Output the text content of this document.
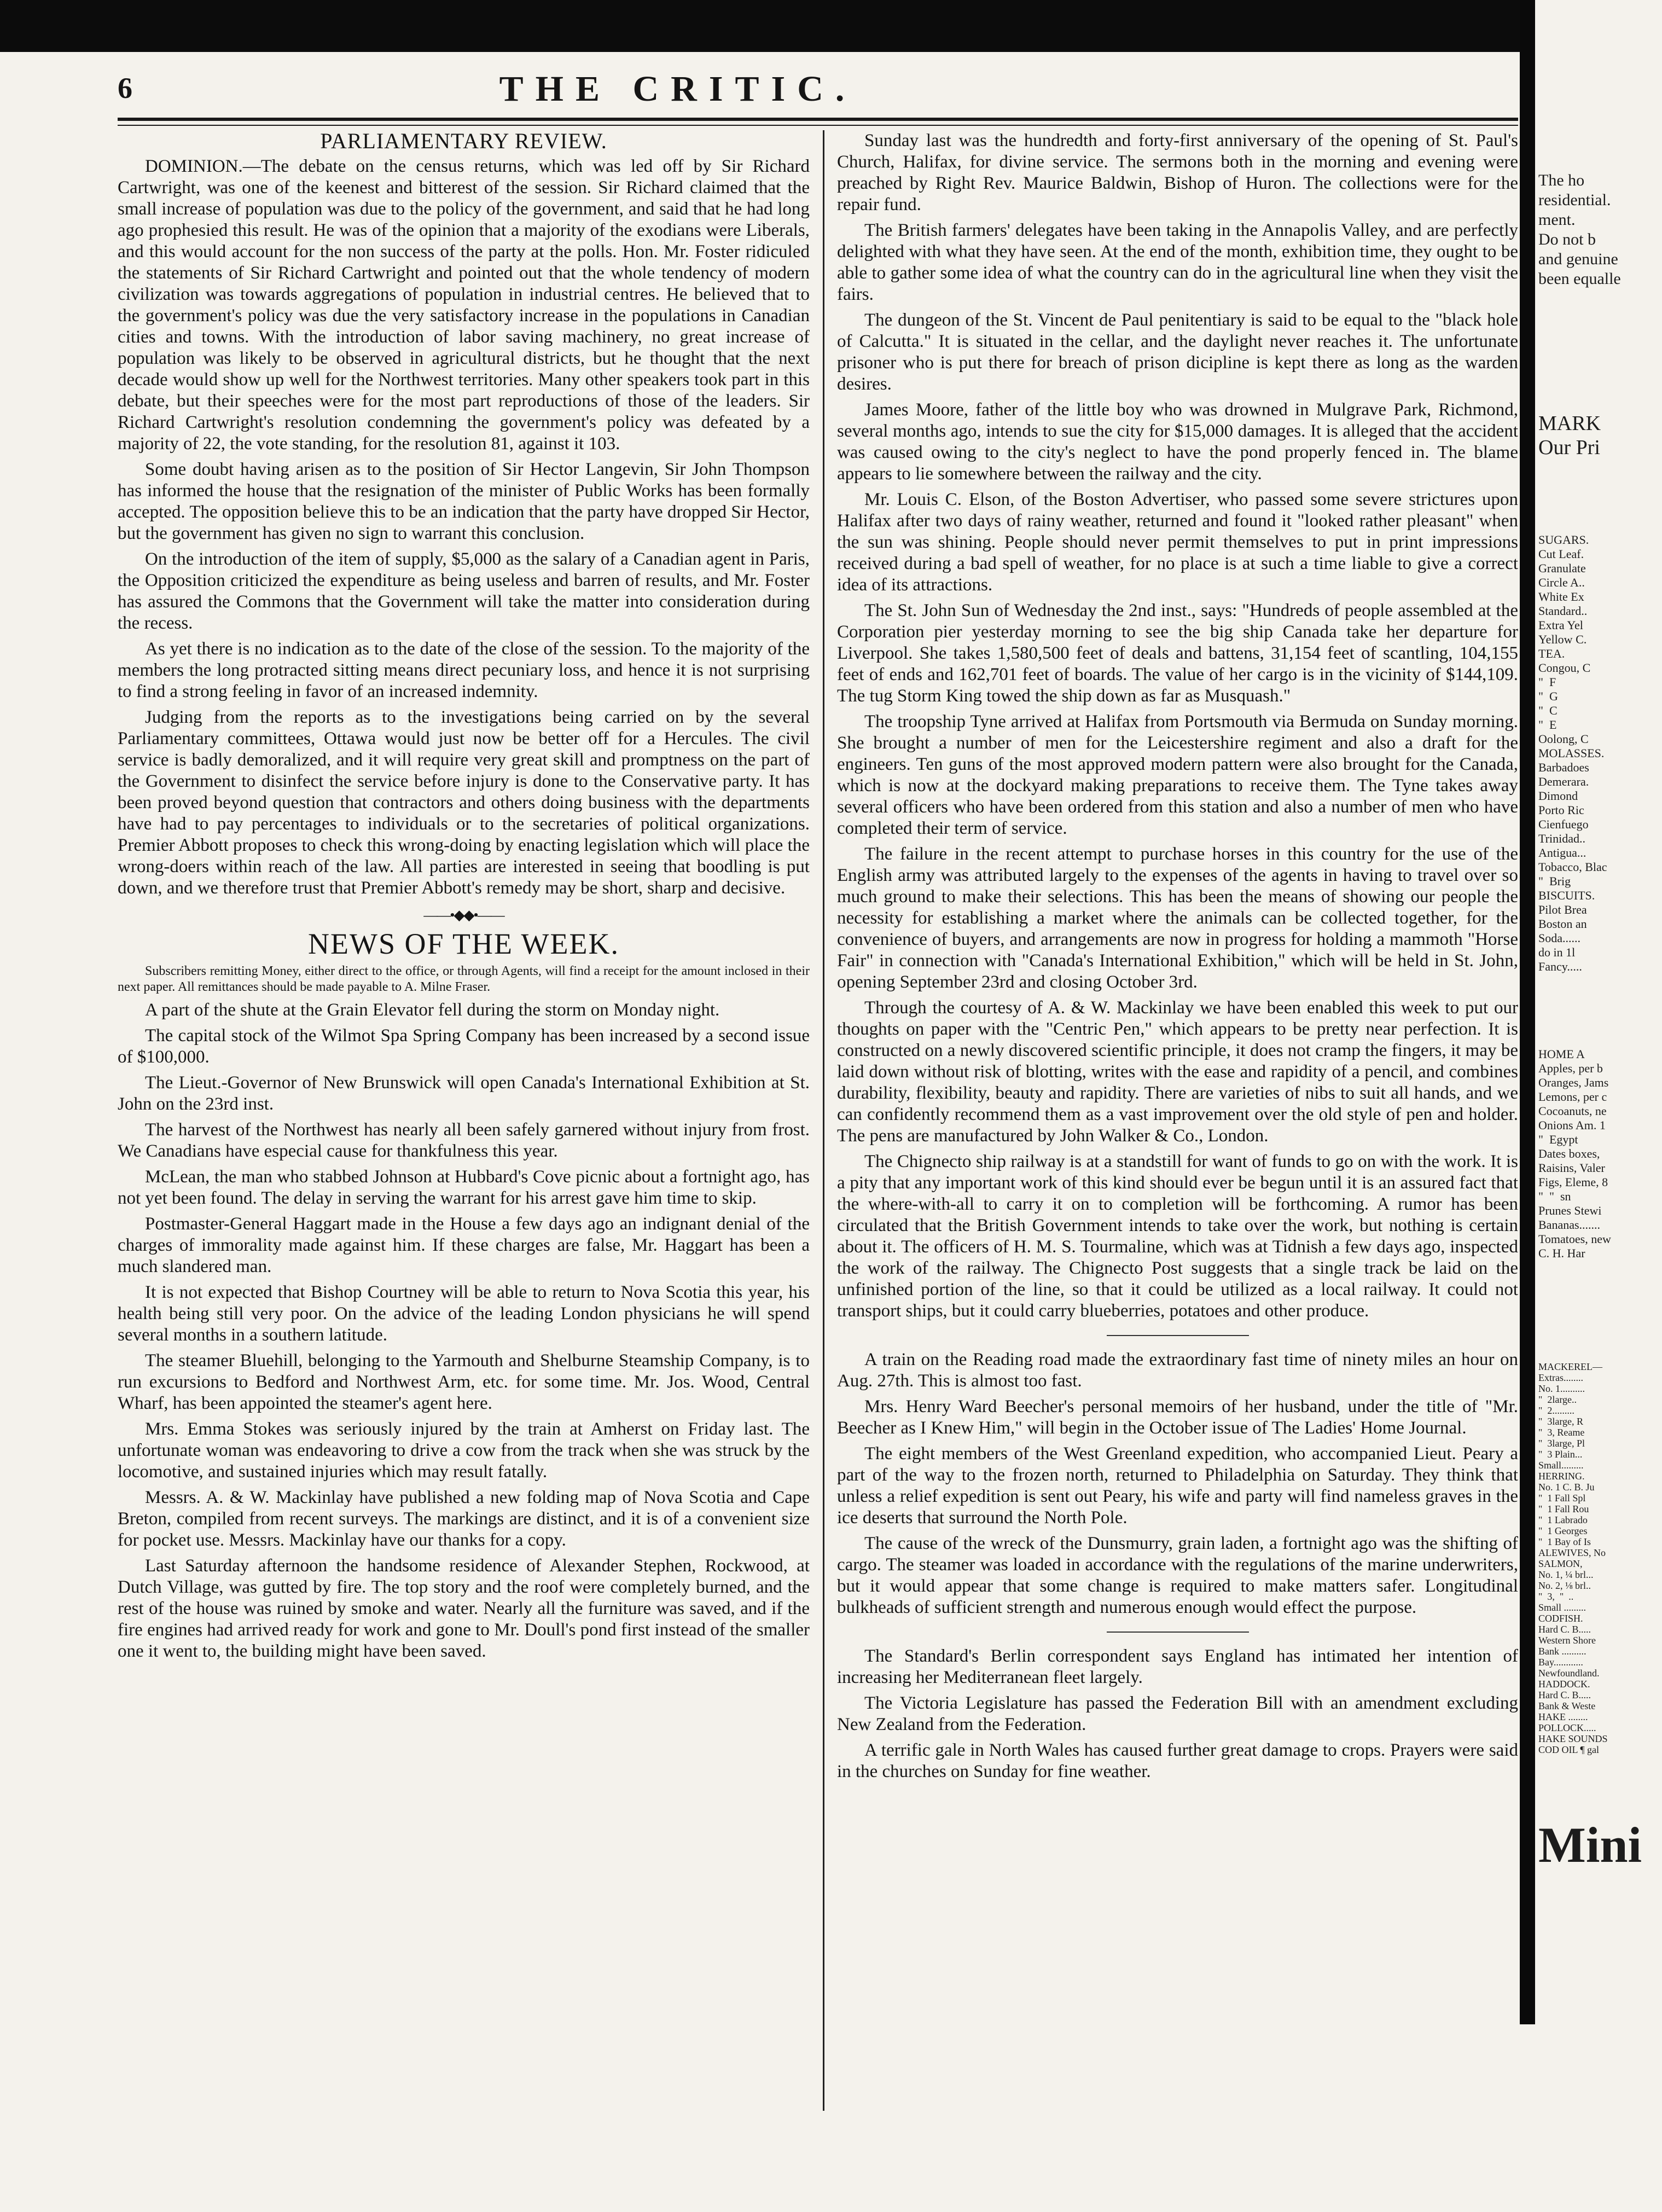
6	THE CRITIC.
PARLIAMENTARY REVIEW.

DOMINION.—The debate on the census returns, which was led off by Sir Richard Cartwright, was one of the keenest and bitterest of the session. Sir Richard claimed that the small increase of population was due to the policy of the government, and said that he had long ago prophesied this result. He was of the opinion that a majority of the exodians were Liberals, and this would account for the non success of the party at the polls. Hon. Mr. Foster ridiculed the statements of Sir Richard Cartwright and pointed out that the whole tendency of modern civilization was towards aggregations of population in industrial centres. He believed that to the government's policy was due the very satisfactory increase in the populations in Canadian cities and towns. With the introduction of labor saving machinery, no great increase of population was likely to be observed in agricultural districts, but he thought that the next decade would show up well for the Northwest territories. Many other speakers took part in this debate, but their speeches were for the most part reproductions of those of the leaders. Sir Richard Cartwright's resolution condemning the government's policy was defeated by a majority of 22, the vote standing, for the resolution 81, against it 103.

Some doubt having arisen as to the position of Sir Hector Langevin, Sir John Thompson has informed the house that the resignation of the minister of Public Works has been formally accepted. The opposition believe this to be an indication that the party have dropped Sir Hector, but the government has given no sign to warrant this conclusion.

On the introduction of the item of supply, $5,000 as the salary of a Canadian agent in Paris, the Opposition criticized the expenditure as being useless and barren of results, and Mr. Foster has assured the Commons that the Government will take the matter into consideration during the recess.

As yet there is no indication as to the date of the close of the session. To the majority of the members the long protracted sitting means direct pecuniary loss, and hence it is not surprising to find a strong feeling in favor of an increased indemnity.

Judging from the reports as to the investigations being carried on by the several Parliamentary committees, Ottawa would just now be better off for a Hercules. The civil service is badly demoralized, and it will require very great skill and promptness on the part of the Government to disinfect the service before injury is done to the Conservative party. It has been proved beyond question that contractors and others doing business with the departments have had to pay percentages to individuals or to the secretaries of political organizations. Premier Abbott proposes to check this wrong-doing by enacting legislation which will place the wrong-doers within reach of the law. All parties are interested in seeing that boodling is put down, and we therefore trust that Premier Abbott's remedy may be short, sharp and decisive.

——•◆◆•——
NEWS OF THE WEEK.

Subscribers remitting Money, either direct to the office, or through Agents, will find a receipt for the amount inclosed in their next paper. All remittances should be made payable to A. Milne Fraser.

A part of the shute at the Grain Elevator fell during the storm on Monday night.

The capital stock of the Wilmot Spa Spring Company has been increased by a second issue of $100,000.

The Lieut.-Governor of New Brunswick will open Canada's International Exhibition at St. John on the 23rd inst.

The harvest of the Northwest has nearly all been safely garnered without injury from frost. We Canadians have especial cause for thankfulness this year.

McLean, the man who stabbed Johnson at Hubbard's Cove picnic about a fortnight ago, has not yet been found. The delay in serving the warrant for his arrest gave him time to skip.

Postmaster-General Haggart made in the House a few days ago an indignant denial of the charges of immorality made against him. If these charges are false, Mr. Haggart has been a much slandered man.

It is not expected that Bishop Courtney will be able to return to Nova Scotia this year, his health being still very poor. On the advice of the leading London physicians he will spend several months in a southern latitude.

The steamer Bluehill, belonging to the Yarmouth and Shelburne Steamship Company, is to run excursions to Bedford and Northwest Arm, etc. for some time. Mr. Jos. Wood, Central Wharf, has been appointed the steamer's agent here.

Mrs. Emma Stokes was seriously injured by the train at Amherst on Friday last. The unfortunate woman was endeavoring to drive a cow from the track when she was struck by the locomotive, and sustained injuries which may result fatally.

Messrs. A. & W. Mackinlay have published a new folding map of Nova Scotia and Cape Breton, compiled from recent surveys. The markings are distinct, and it is of a convenient size for pocket use. Messrs. Mackinlay have our thanks for a copy.

Last Saturday afternoon the handsome residence of Alexander Stephen, Rockwood, at Dutch Village, was gutted by fire. The top story and the roof were completely burned, and the rest of the house was ruined by smoke and water. Nearly all the furniture was saved, and if the fire engines had arrived ready for work and gone to Mr. Doull's pond first instead of the smaller one it went to, the building might have been saved.

Sunday last was the hundredth and forty-first anniversary of the opening of St. Paul's Church, Halifax, for divine service. The sermons both in the morning and evening were preached by Right Rev. Maurice Baldwin, Bishop of Huron. The collections were for the repair fund.

The British farmers' delegates have been taking in the Annapolis Valley, and are perfectly delighted with what they have seen. At the end of the month, exhibition time, they ought to be able to gather some idea of what the country can do in the agricultural line when they visit the fairs.

The dungeon of the St. Vincent de Paul penitentiary is said to be equal to the "black hole of Calcutta." It is situated in the cellar, and the daylight never reaches it. The unfortunate prisoner who is put there for breach of prison dicipline is kept there as long as the warden desires.

James Moore, father of the little boy who was drowned in Mulgrave Park, Richmond, several months ago, intends to sue the city for $15,000 damages. It is alleged that the accident was caused owing to the city's neglect to have the pond properly fenced in. The blame appears to lie somewhere between the railway and the city.

Mr. Louis C. Elson, of the Boston Advertiser, who passed some severe strictures upon Halifax after two days of rainy weather, returned and found it "looked rather pleasant" when the sun was shining. People should never permit themselves to put in print impressions received during a bad spell of weather, for no place is at such a time liable to give a correct idea of its attractions.

The St. John Sun of Wednesday the 2nd inst., says: "Hundreds of people assembled at the Corporation pier yesterday morning to see the big ship Canada take her departure for Liverpool. She takes 1,580,500 feet of deals and battens, 31,154 feet of scantling, 104,155 feet of ends and 162,701 feet of boards. The value of her cargo is in the vicinity of $144,109. The tug Storm King towed the ship down as far as Musquash."

The troopship Tyne arrived at Halifax from Portsmouth via Bermuda on Sunday morning. She brought a number of men for the Leicestershire regiment and also a draft for the engineers. Ten guns of the most approved modern pattern were also brought for the Canada, which is now at the dockyard making preparations to receive them. The Tyne takes away several officers who have been ordered from this station and also a number of men who have completed their term of service.

The failure in the recent attempt to purchase horses in this country for the use of the English army was attributed largely to the expenses of the agents in having to travel over so much ground to make their selections. This has been the means of showing our people the necessity for establishing a market where the animals can be collected together, for the convenience of buyers, and arrangements are now in progress for holding a mammoth "Horse Fair" in connection with "Canada's International Exhibition," which will be held in St. John, opening September 23rd and closing October 3rd.

Through the courtesy of A. & W. Mackinlay we have been enabled this week to put our thoughts on paper with the "Centric Pen," which appears to be pretty near perfection. It is constructed on a newly discovered scientific principle, it does not cramp the fingers, it may be laid down without risk of blotting, writes with the ease and rapidity of a pencil, and combines durability, flexibility, beauty and rapidity. There are varieties of nibs to suit all hands, and we can confidently recommend them as a vast improvement over the old style of pen and holder. The pens are manufactured by John Walker & Co., London.

The Chignecto ship railway is at a standstill for want of funds to go on with the work. It is a pity that any important work of this kind should ever be begun until it is an assured fact that the where-with-all to carry it on to completion will be forthcoming. A rumor has been circulated that the British Government intends to take over the work, but nothing is certain about it. The officers of H. M. S. Tourmaline, which was at Tidnish a few days ago, inspected the work of the railway. The Chignecto Post suggests that a single track be laid on the unfinished portion of the line, so that it could be utilized as a local railway. It could not transport ships, but it could carry blueberries, potatoes and other produce.

A train on the Reading road made the extraordinary fast time of ninety miles an hour on Aug. 27th. This is almost too fast.

Mrs. Henry Ward Beecher's personal memoirs of her husband, under the title of "Mr. Beecher as I Knew Him," will begin in the October issue of The Ladies' Home Journal.

The eight members of the West Greenland expedition, who accompanied Lieut. Peary a part of the way to the frozen north, returned to Philadelphia on Saturday. They think that unless a relief expedition is sent out Peary, his wife and party will find nameless graves in the ice deserts that surround the North Pole.

The cause of the wreck of the Dunsmurry, grain laden, a fortnight ago was the shifting of cargo. The steamer was loaded in accordance with the regulations of the marine underwriters, but it would appear that some change is required to make matters safer. Longitudinal bulkheads of sufficient strength and numerous enough would effect the purpose.

The Standard's Berlin correspondent says England has intimated her intention of increasing her Mediterranean fleet largely.

The Victoria Legislature has passed the Federation Bill with an amendment excluding New Zealand from the Federation.

A terrific gale in North Wales has caused further great damage to crops. Prayers were said in the churches on Sunday for fine weather.

The ho
residential.
ment.
Do not b
and genuine
been equalle

MARK
Our Pri

SUGARS.
Cut Leaf.
Granulate
Circle A..
White Ex
Standard..
Extra Yel
Yellow C.
TEA.
Congou, C
"  F
"  G
"  C
"  E
Oolong, C
MOLASSES.
Barbadoes
Demerara.
Dimond
Porto Ric
Cienfuego
Trinidad..
Antigua...
Tobacco, Blac
"  Brig
BISCUITS.
Pilot Brea
Boston an
Soda......
do in 1l
Fancy.....

HOME A
Apples, per b
Oranges, Jams
Lemons, per c
Cocoanuts, ne
Onions Am. 1
"  Egypt
Dates boxes,
Raisins, Valer
Figs, Eleme, 8
"  "  sn
Prunes Stewi
Bananas.......
Tomatoes, new
C. H. Har

MACKEREL—
Extras........
No. 1..........
"  2large..
"  2.........
"  3large, R
"  3, Reame
"  3large, Pl
"  3 Plain...
Small.........
HERRING.
No. 1 C. B. Ju
"  1 Fall Spl
"  1 Fall Rou
"  1 Labrado
"  1 Georges
"  1 Bay of Is
ALEWIVES, No
SALMON,
No. 1, ¼ brl...
No. 2, ⅛ brl..
"  3,  "  ..
Small .........
CODFISH.
Hard C. B.....
Western Shore
Bank ..........
Bay............
Newfoundland.
HADDOCK.
Hard C. B.....
Bank & Weste
HAKE ........
POLLOCK.....
HAKE SOUNDS
COD OIL ¶ gal

Mini
